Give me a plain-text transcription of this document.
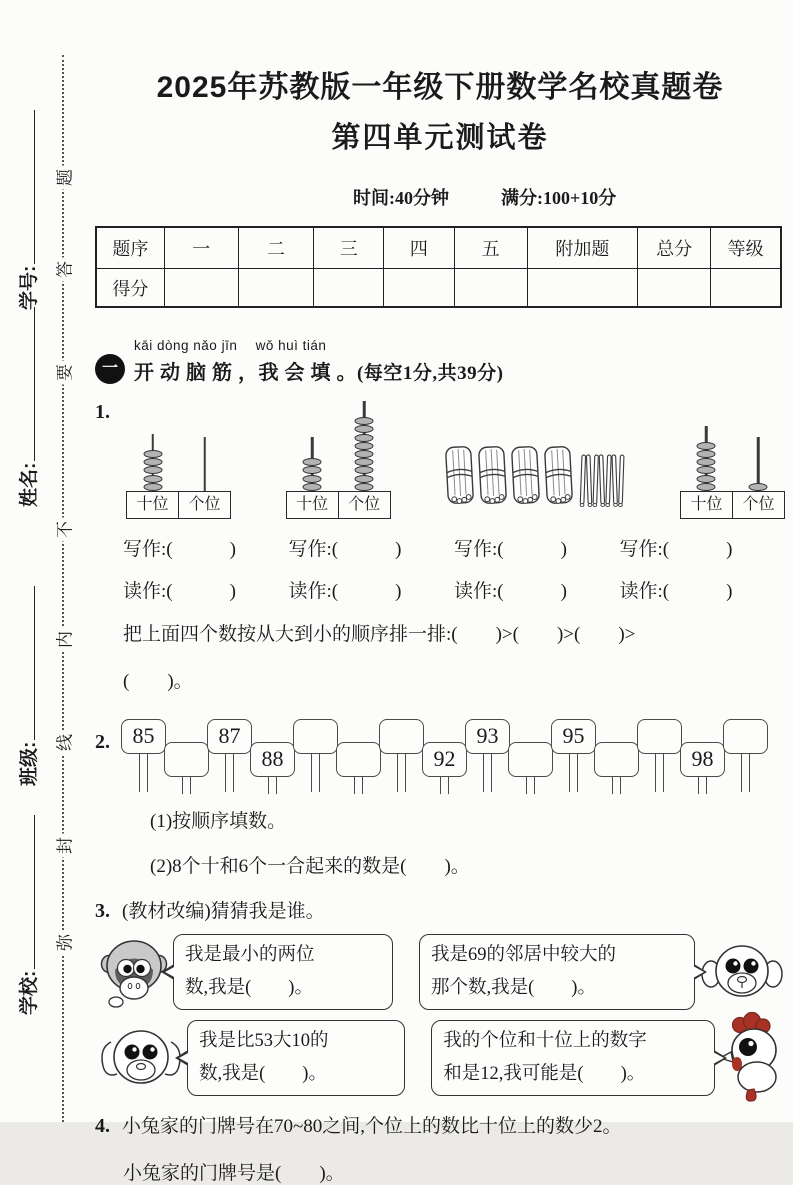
学号:
姓名:
班级:
学校:
题
答
要
不
内
线
封
弥
2025年苏教版一年级下册数学名校真题卷
第四单元测试卷
时间:40分钟	满分:100+10分
题序	一	二	三	四	五	附加题	总分	等级
得分								
一
kāi dòng nǎo jīn　 wǒ huì tián
开 动 脑 筋 ，我 会 填 。(每空1分,共39分)
1.
十位	个位	十位	个位	十位	个位
写作:(　　　)	写作:(　　　)	写作:(　　　)	写作:(　　　)
读作:(　　　)	读作:(　　　)	读作:(　　　)	读作:(　　　)
把上面四个数按从大到小的顺序排一排:(　　)>(　　)>(　　)>
(　　)。
2.	85	87
88	92
93	95
98
(1)按顺序填数。
(2)8个十和6个一合起来的数是(　　)。
3. (教材改编)猜猜我是谁。
我是最小的两位
数,我是(　　)。
我是69的邻居中较大的
那个数,我是(　　)。
我是比53大10的
数,我是(　　)。
我的个位和十位上的数字
和是12,我可能是(　　)。
4. 小兔家的门牌号在70~80之间,个位上的数比十位上的数少2。
小兔家的门牌号是(　　)。
